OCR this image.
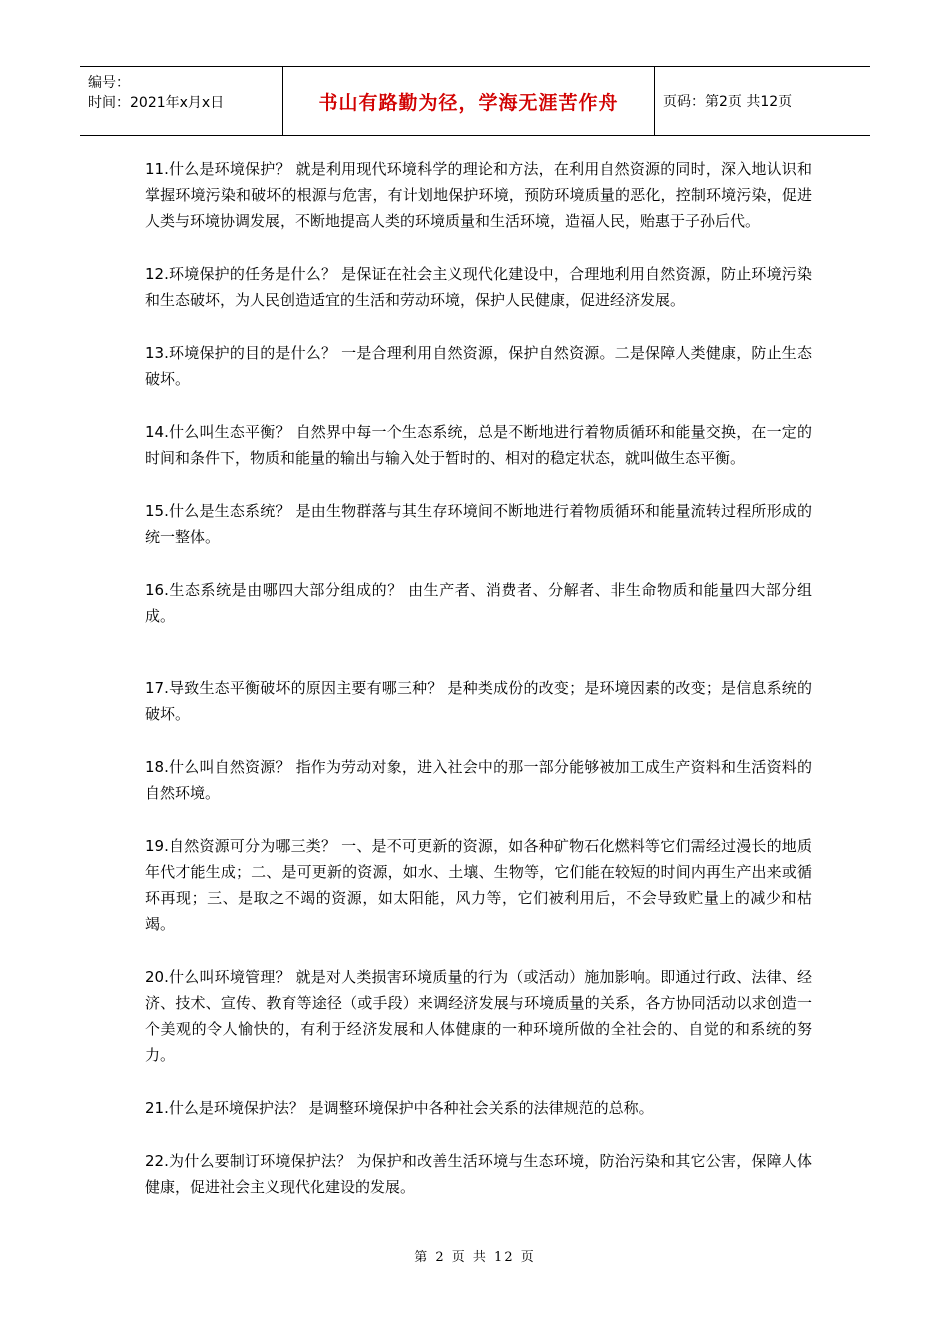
编号：
时间：2021年x月x日	书山有路勤为径，学海无涯苦作舟	页码：第2页 共12页

11.什么是环境保护？ 就是利用现代环境科学的理论和方法，在利用自然资源的同时，深入地认识和掌握环境污染和破坏的根源与危害，有计划地保护环境，预防环境质量的恶化，控制环境污染，促进人类与环境协调发展，不断地提高人类的环境质量和生活环境，造福人民，贻惠于子孙后代。

12.环境保护的任务是什么？ 是保证在社会主义现代化建设中，合理地利用自然资源，防止环境污染和生态破坏，为人民创造适宜的生活和劳动环境，保护人民健康，促进经济发展。

13.环境保护的目的是什么？ 一是合理利用自然资源，保护自然资源。二是保障人类健康，防止生态破坏。

14.什么叫生态平衡？ 自然界中每一个生态系统，总是不断地进行着物质循环和能量交换，在一定的时间和条件下，物质和能量的输出与输入处于暂时的、相对的稳定状态，就叫做生态平衡。

15.什么是生态系统？ 是由生物群落与其生存环境间不断地进行着物质循环和能量流转过程所形成的统一整体。

16.生态系统是由哪四大部分组成的？ 由生产者、消费者、分解者、非生命物质和能量四大部分组成。

17.导致生态平衡破坏的原因主要有哪三种？ 是种类成份的改变；是环境因素的改变；是信息系统的破坏。

18.什么叫自然资源？ 指作为劳动对象，进入社会中的那一部分能够被加工成生产资料和生活资料的自然环境。

19.自然资源可分为哪三类？ 一、是不可更新的资源，如各种矿物石化燃料等它们需经过漫长的地质年代才能生成；二、是可更新的资源，如水、土壤、生物等，它们能在较短的时间内再生产出来或循环再现；三、是取之不竭的资源，如太阳能，风力等，它们被利用后，不会导致贮量上的减少和枯竭。

20.什么叫环境管理？ 就是对人类损害环境质量的行为（或活动）施加影响。即通过行政、法律、经济、技术、宣传、教育等途径（或手段）来调经济发展与环境质量的关系，各方协同活动以求创造一个美观的令人愉快的，有利于经济发展和人体健康的一种环境所做的全社会的、自觉的和系统的努力。

21.什么是环境保护法？ 是调整环境保护中各种社会关系的法律规范的总称。

22.为什么要制订环境保护法？ 为保护和改善生活环境与生态环境，防治污染和其它公害，保障人体健康，促进社会主义现代化建设的发展。

第 2 页 共 12 页
